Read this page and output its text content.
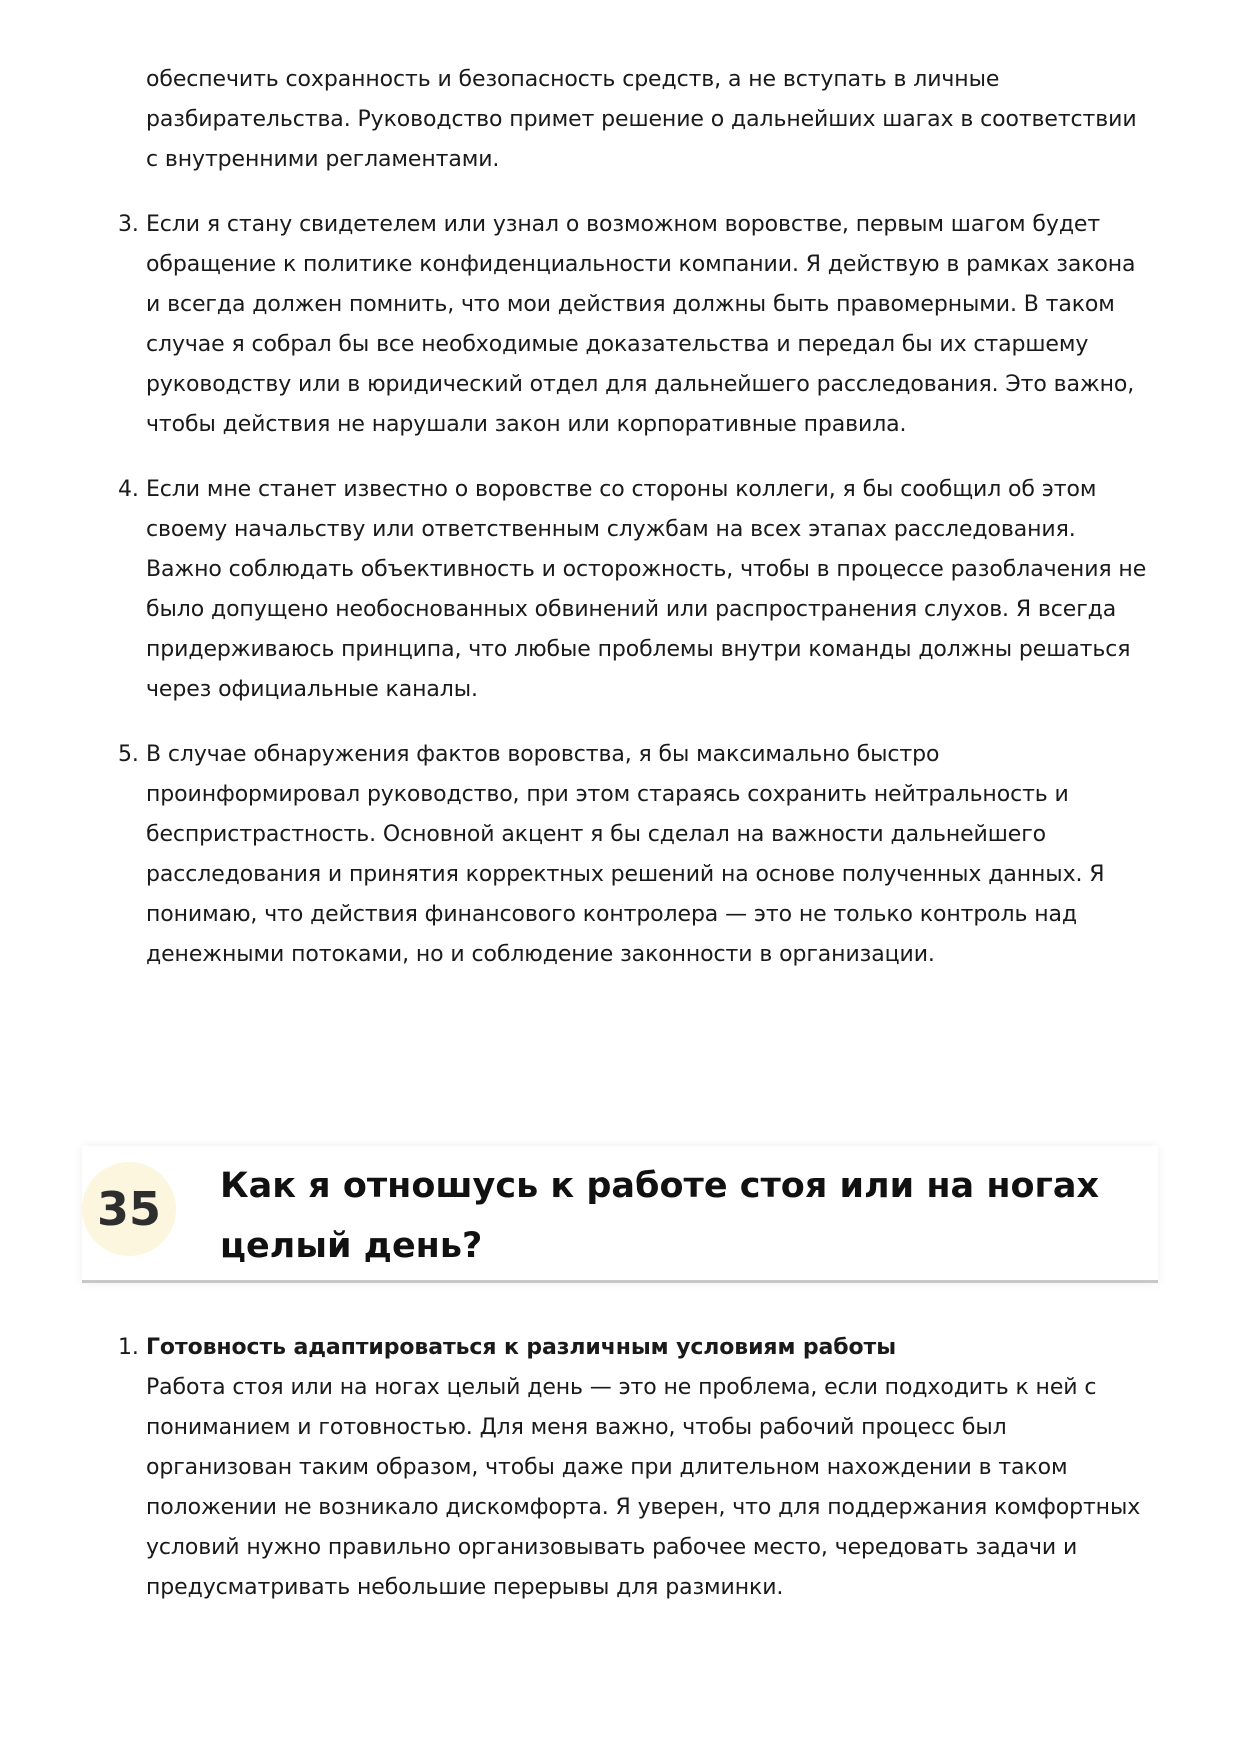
обеспечить сохранность и безопасность средств, а не вступать в личные разбирательства. Руководство примет решение о дальнейших шагах в соответствии с внутренними регламентами.
3. Если я стану свидетелем или узнал о возможном воровстве, первым шагом будет обращение к политике конфиденциальности компании. Я действую в рамках закона и всегда должен помнить, что мои действия должны быть правомерными. В таком случае я собрал бы все необходимые доказательства и передал бы их старшему руководству или в юридический отдел для дальнейшего расследования. Это важно, чтобы действия не нарушали закон или корпоративные правила.
4. Если мне станет известно о воровстве со стороны коллеги, я бы сообщил об этом своему начальству или ответственным службам на всех этапах расследования. Важно соблюдать объективность и осторожность, чтобы в процессе разоблачения не было допущено необоснованных обвинений или распространения слухов. Я всегда придерживаюсь принципа, что любые проблемы внутри команды должны решаться через официальные каналы.
5. В случае обнаружения фактов воровства, я бы максимально быстро проинформировал руководство, при этом стараясь сохранить нейтральность и беспристрастность. Основной акцент я бы сделал на важности дальнейшего расследования и принятия корректных решений на основе полученных данных. Я понимаю, что действия финансового контролера — это не только контроль над денежными потоками, но и соблюдение законности в организации.
35	Как я отношусь к работе стоя или на ногах целый день?
1. Готовность адаптироваться к различным условиям работы
Работа стоя или на ногах целый день — это не проблема, если подходить к ней с пониманием и готовностью. Для меня важно, чтобы рабочий процесс был организован таким образом, чтобы даже при длительном нахождении в таком положении не возникало дискомфорта. Я уверен, что для поддержания комфортных условий нужно правильно организовывать рабочее место, чередовать задачи и предусматривать небольшие перерывы для разминки.
